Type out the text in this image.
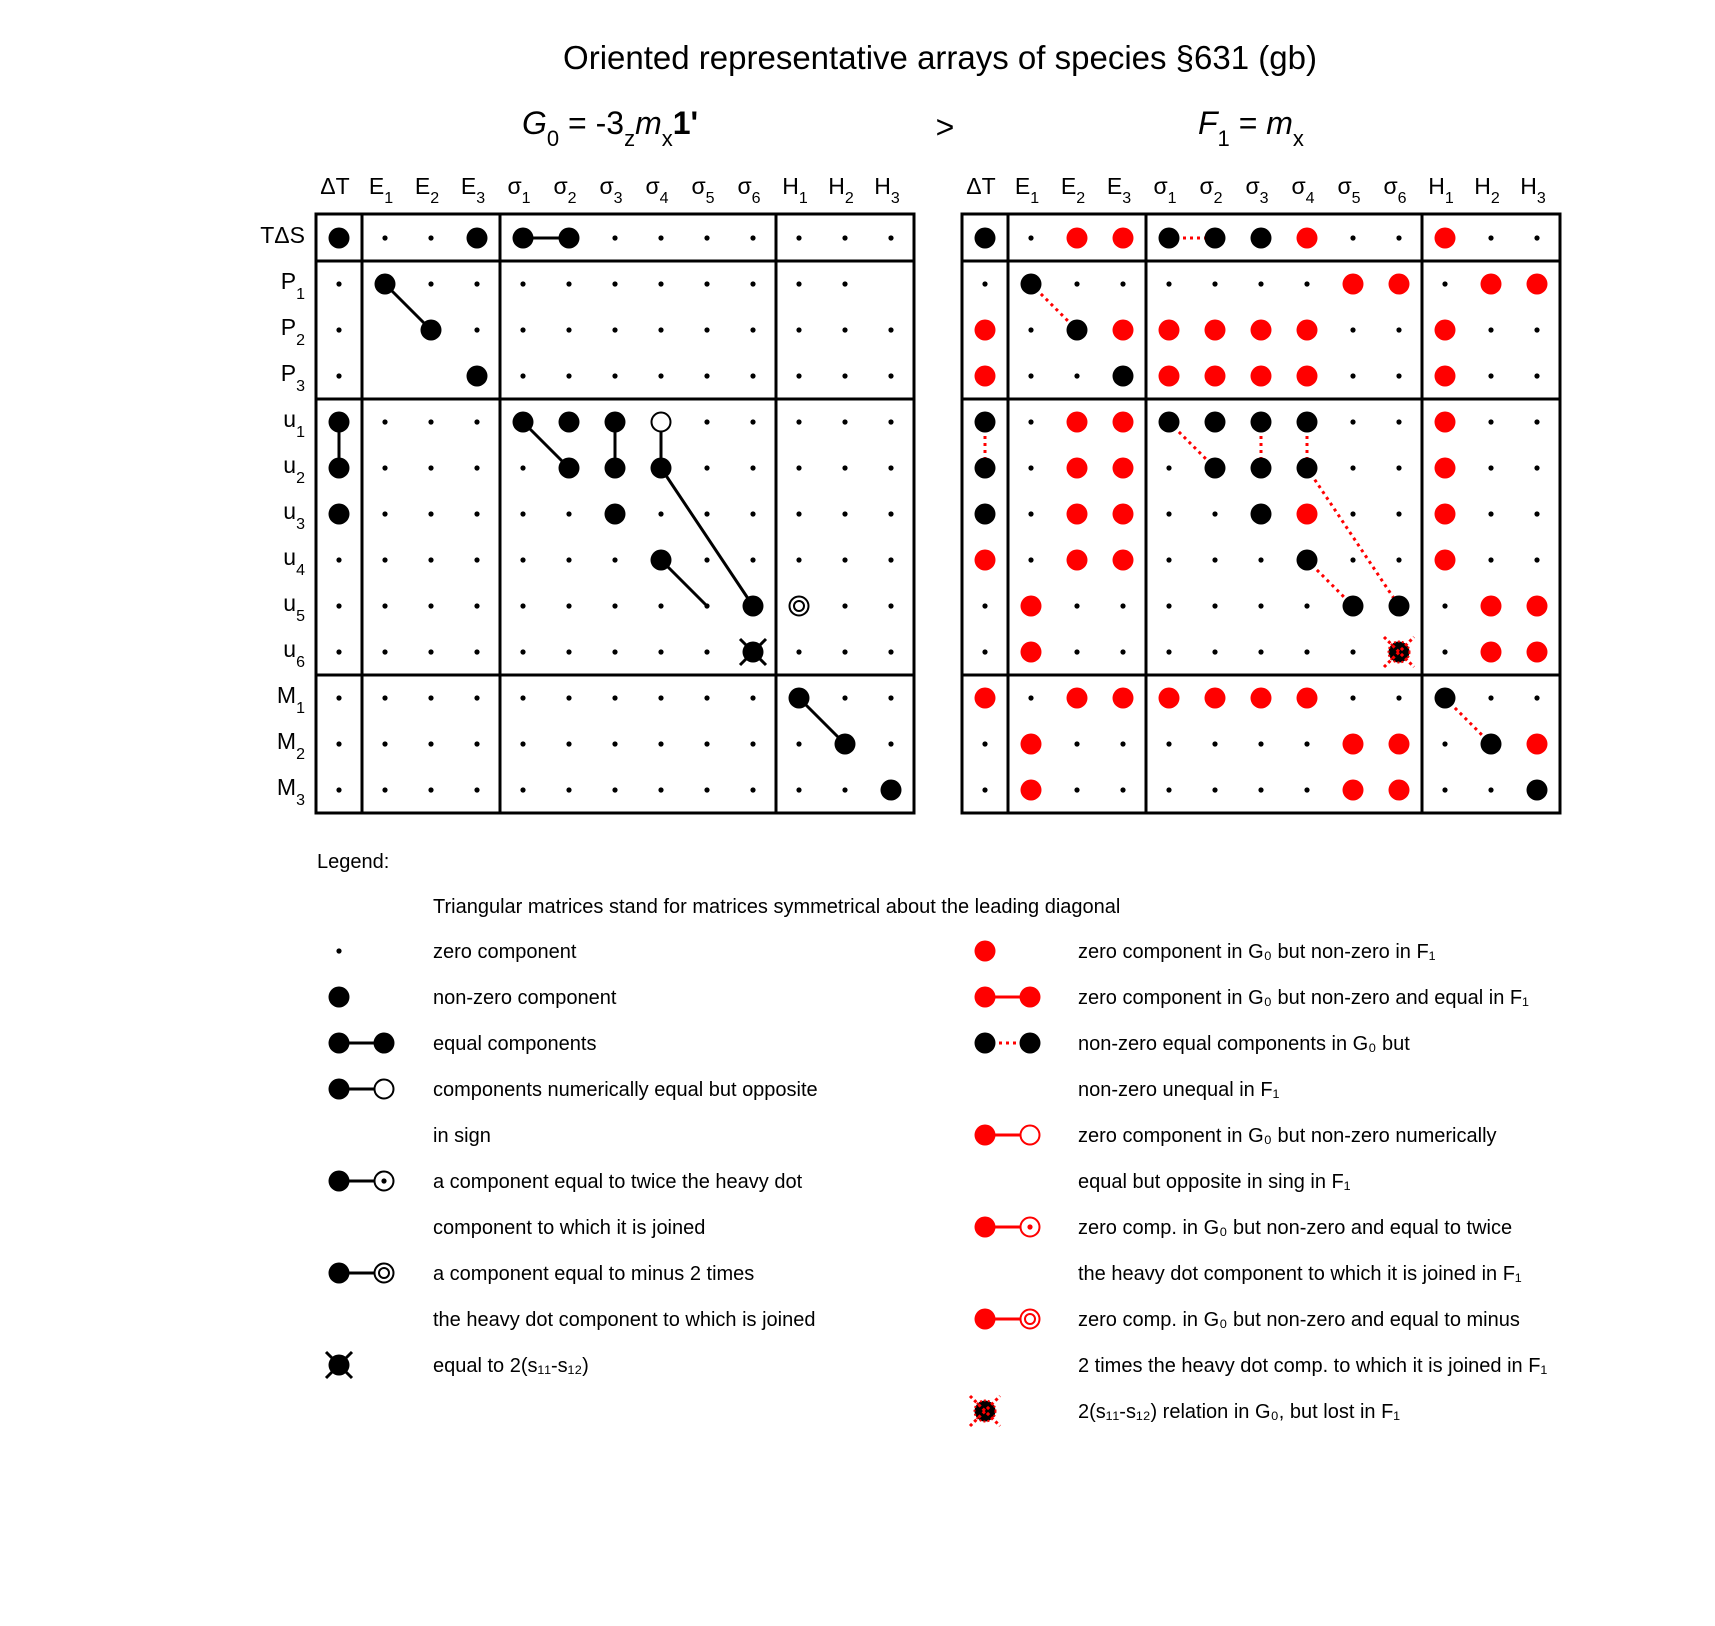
Oriented representative arrays of species §631 (gb)
$G_0 = -3_zm_x1'$	>	$F_1 = m_x$
ΔT $E_1$ $E_2$ $E_3$ $\sigma_1$ $\sigma_2$ $\sigma_3$ $\sigma_4$ $\sigma_5$ $\sigma_6$ $H_1$ $H_2$ $H_3$
TΔS
$P_1$
$P_2$
$P_3$
$u_1$
$u_2$
$u_3$
$u_4$
$u_5$
$u_6$
$M_1$
$M_2$
$M_3$
ΔT $E_1$ $E_2$ $E_3$ $\sigma_1$ $\sigma_2$ $\sigma_3$ $\sigma_4$ $\sigma_5$ $\sigma_6$ $H_1$ $H_2$ $H_3$
Legend:
Triangular matrices stand for matrices symmetrical about the leading diagonal
zero component
non-zero component
equal components
components numerically equal but opposite
in sign
a component equal to twice the heavy dot
component to which it is joined
a component equal to minus 2 times
the heavy dot component to which is joined
equal to 2(s₁₁-s₁₂)
zero component in G₀ but non-zero in F₁
zero component in G₀ but non-zero and equal in F₁
non-zero equal components in G₀ but
non-zero unequal in F₁
zero component in G₀ but non-zero numerically
equal but opposite in sing in F₁
zero comp. in G₀ but non-zero and equal to twice
the heavy dot component to which it is joined in F₁
zero comp. in G₀ but non-zero and equal to minus
2 times the heavy dot comp. to which it is joined in F₁
2(s₁₁-s₁₂) relation in G₀, but lost in F₁
